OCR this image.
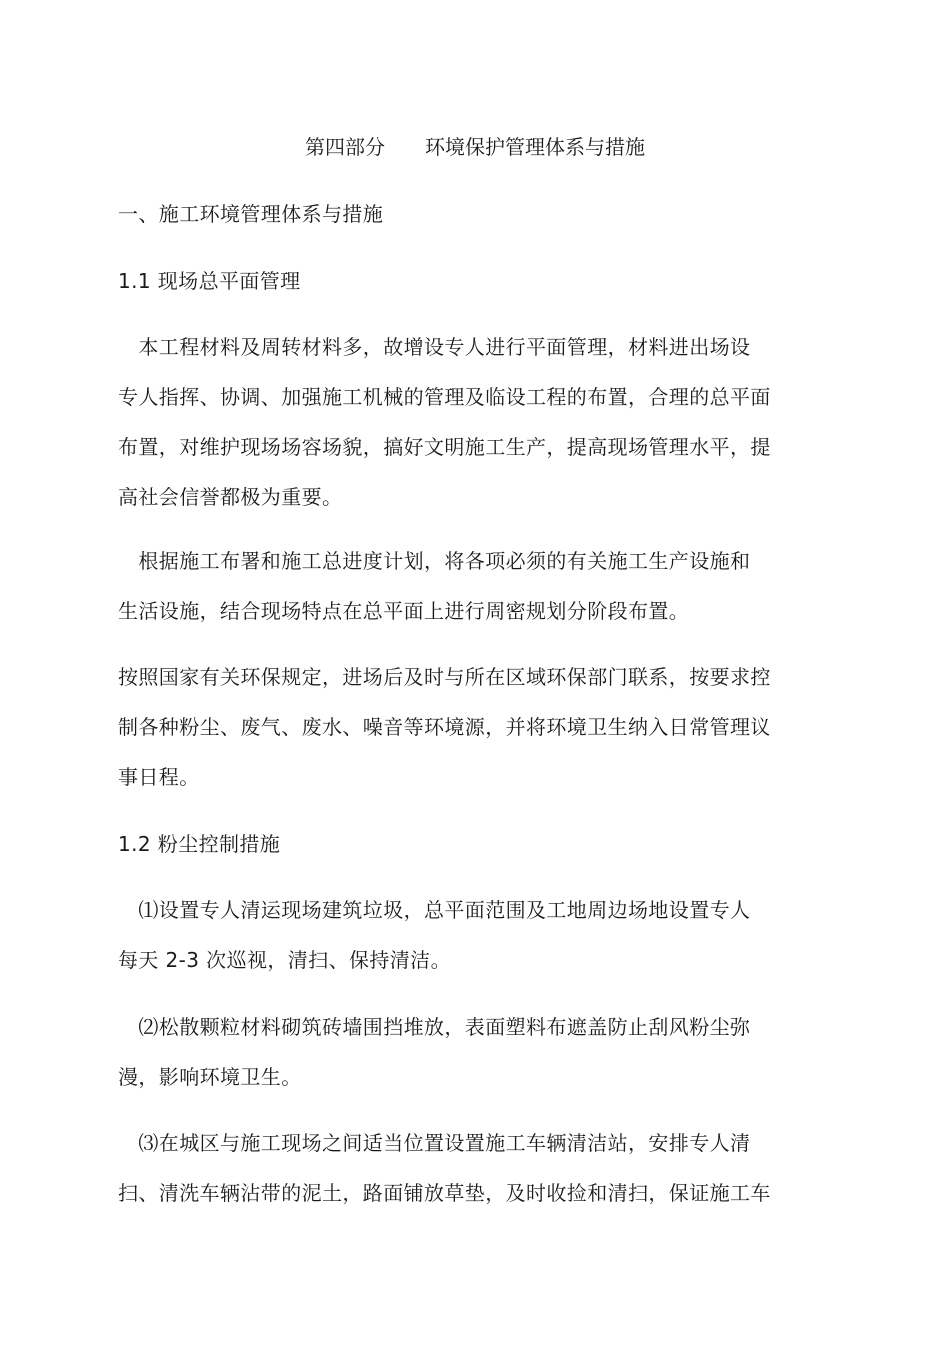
第四部分 环境保护管理体系与措施
一、施工环境管理体系与措施
1.1 现场总平面管理
　本工程材料及周转材料多，故增设专人进行平面管理，材料进出场设
专人指挥、协调、加强施工机械的管理及临设工程的布置，合理的总平面
布置，对维护现场场容场貌，搞好文明施工生产，提高现场管理水平，提
高社会信誉都极为重要。
　根据施工布署和施工总进度计划，将各项必须的有关施工生产设施和
生活设施，结合现场特点在总平面上进行周密规划分阶段布置。
按照国家有关环保规定，进场后及时与所在区域环保部门联系，按要求控
制各种粉尘、废气、废水、噪音等环境源，并将环境卫生纳入日常管理议
事日程。
1.2 粉尘控制措施
　⑴设置专人清运现场建筑垃圾，总平面范围及工地周边场地设置专人
每天 2-3 次巡视，清扫、保持清洁。
　⑵松散颗粒材料砌筑砖墙围挡堆放，表面塑料布遮盖防止刮风粉尘弥
漫，影响环境卫生。
　⑶在城区与施工现场之间适当位置设置施工车辆清洁站，安排专人清
扫、清洗车辆沾带的泥土，路面铺放草垫，及时收捡和清扫，保证施工车
